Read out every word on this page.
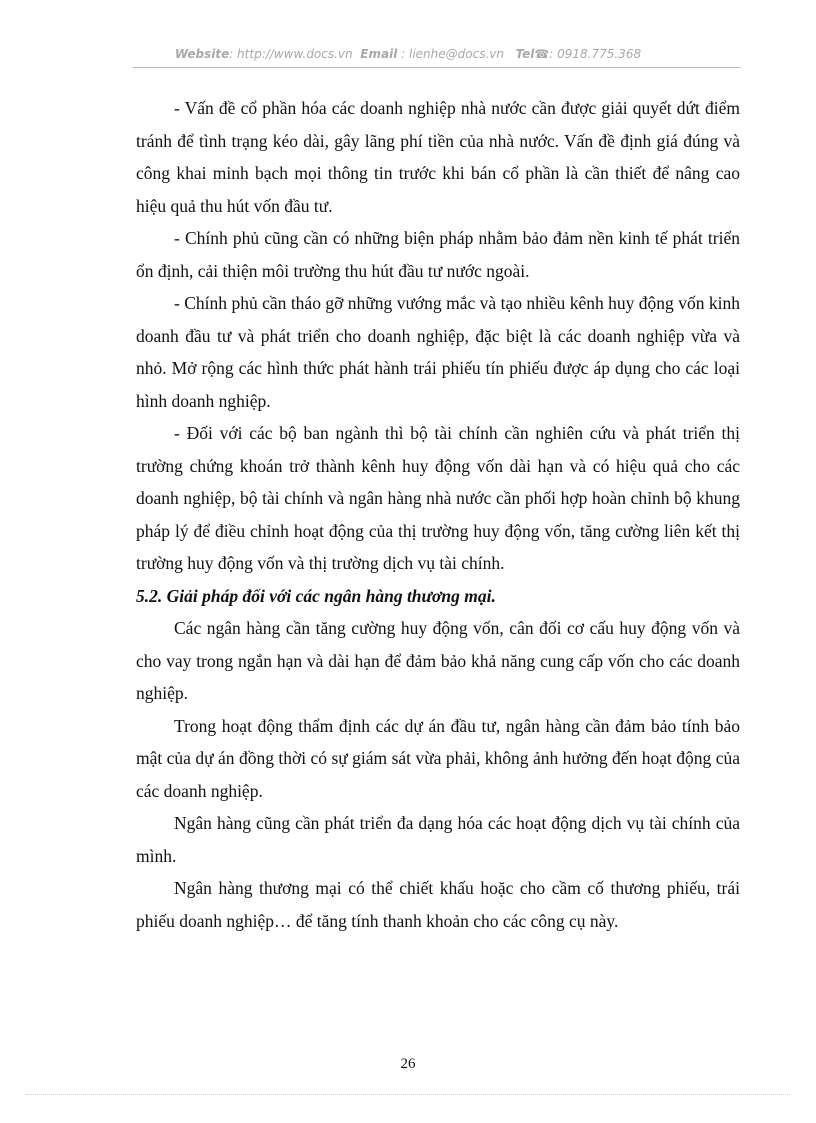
Website: http://www.docs.vn Email : lienhe@docs.vn Tel☎: 0918.775.368

- Vấn đề cổ phần hóa các doanh nghiệp nhà nước cần được giải quyết dứt điểm tránh để tình trạng kéo dài, gây lãng phí tiền của nhà nước. Vấn đề định giá đúng và công khai minh bạch mọi thông tin trước khi bán cổ phần là cần thiết để nâng cao hiệu quả thu hút vốn đầu tư.

- Chính phủ cũng cần có những biện pháp nhằm bảo đảm nền kinh tế phát triển ổn định, cải thiện môi trường thu hút đầu tư nước ngoài.

- Chính phủ cần tháo gỡ những vướng mắc và tạo nhiều kênh huy động vốn kinh doanh đầu tư và phát triển cho doanh nghiệp, đặc biệt là các doanh nghiệp vừa và nhỏ. Mở rộng các hình thức phát hành trái phiếu tín phiếu được áp dụng cho các loại hình doanh nghiệp.

- Đối với các bộ ban ngành thì bộ tài chính cần nghiên cứu và phát triển thị trường chứng khoán trở thành kênh huy động vốn dài hạn và có hiệu quả cho các doanh nghiệp, bộ tài chính và ngân hàng nhà nước cần phối hợp hoàn chỉnh bộ khung pháp lý để điều chỉnh hoạt động của thị trường huy động vốn, tăng cường liên kết thị trường huy động vốn và thị trường dịch vụ tài chính.

5.2. Giải pháp đối với các ngân hàng thương mại.

Các ngân hàng cần tăng cường huy động vốn, cân đối cơ cấu huy động vốn và cho vay trong ngắn hạn và dài hạn để đảm bảo khả năng cung cấp vốn cho các doanh nghiệp.

Trong hoạt động thẩm định các dự án đầu tư, ngân hàng cần đảm bảo tính bảo mật của dự án đồng thời có sự giám sát vừa phải, không ảnh hưởng đến hoạt động của các doanh nghiệp.

Ngân hàng cũng cần phát triển đa dạng hóa các hoạt động dịch vụ tài chính của mình.

Ngân hàng thương mại có thể chiết khấu hoặc cho cầm cố thương phiếu, trái phiếu doanh nghiệp… để tăng tính thanh khoản cho các công cụ này.

26
